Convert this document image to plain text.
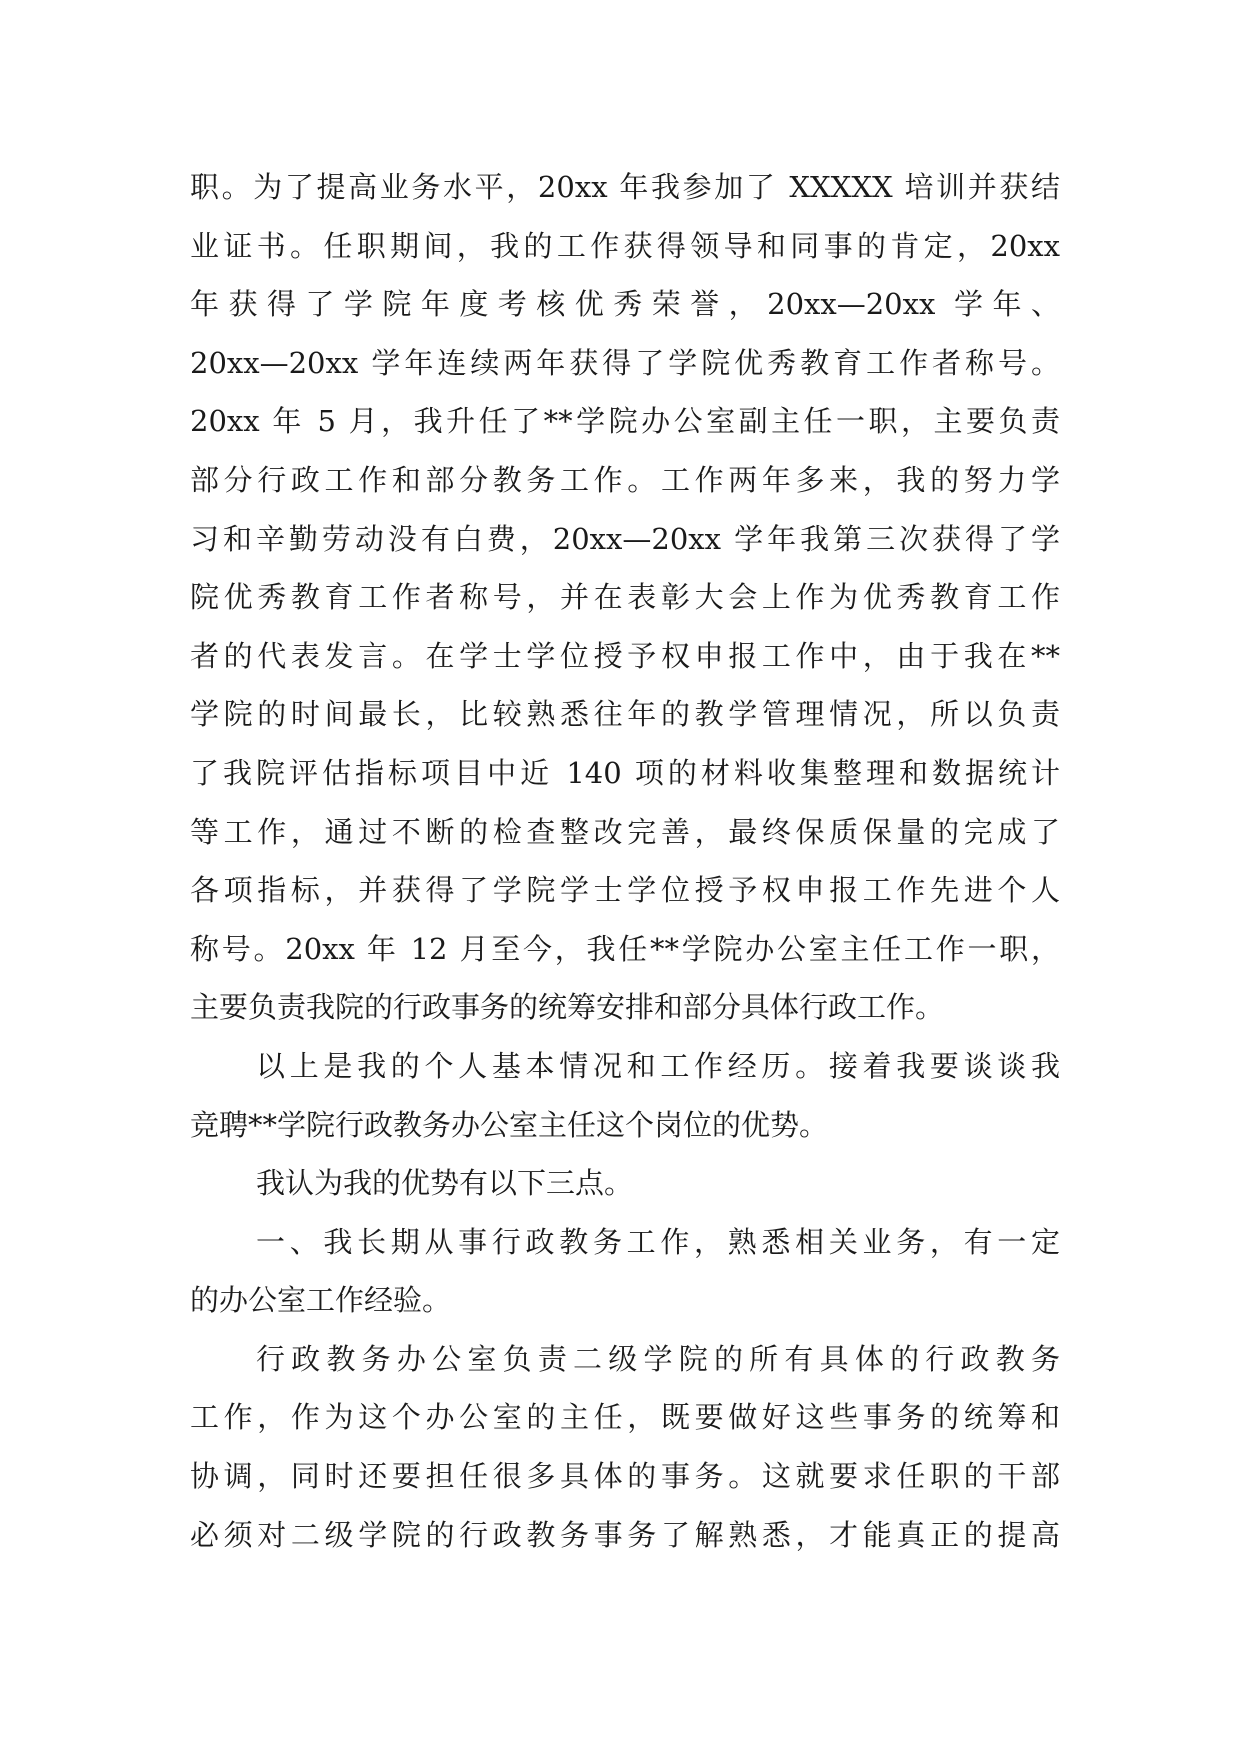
职。为了提高业务水平，20xx 年我参加了 XXXXX 培训并获结
业证书。任职期间，我的工作获得领导和同事的肯定，20xx
年获得了学院年度考核优秀荣誉，20xx—20xx 学年、
20xx—20xx 学年连续两年获得了学院优秀教育工作者称号。
20xx 年 5 月，我升任了**学院办公室副主任一职，主要负责
部分行政工作和部分教务工作。工作两年多来，我的努力学
习和辛勤劳动没有白费，20xx—20xx 学年我第三次获得了学
院优秀教育工作者称号，并在表彰大会上作为优秀教育工作
者的代表发言。在学士学位授予权申报工作中，由于我在**
学院的时间最长，比较熟悉往年的教学管理情况，所以负责
了我院评估指标项目中近 140 项的材料收集整理和数据统计
等工作，通过不断的检查整改完善，最终保质保量的完成了
各项指标，并获得了学院学士学位授予权申报工作先进个人
称号。20xx 年 12 月至今，我任**学院办公室主任工作一职，
主要负责我院的行政事务的统筹安排和部分具体行政工作。
以上是我的个人基本情况和工作经历。接着我要谈谈我
竞聘**学院行政教务办公室主任这个岗位的优势。
我认为我的优势有以下三点。
一、我长期从事行政教务工作，熟悉相关业务，有一定
的办公室工作经验。
行政教务办公室负责二级学院的所有具体的行政教务
工作，作为这个办公室的主任，既要做好这些事务的统筹和
协调，同时还要担任很多具体的事务。这就要求任职的干部
必须对二级学院的行政教务事务了解熟悉，才能真正的提高
